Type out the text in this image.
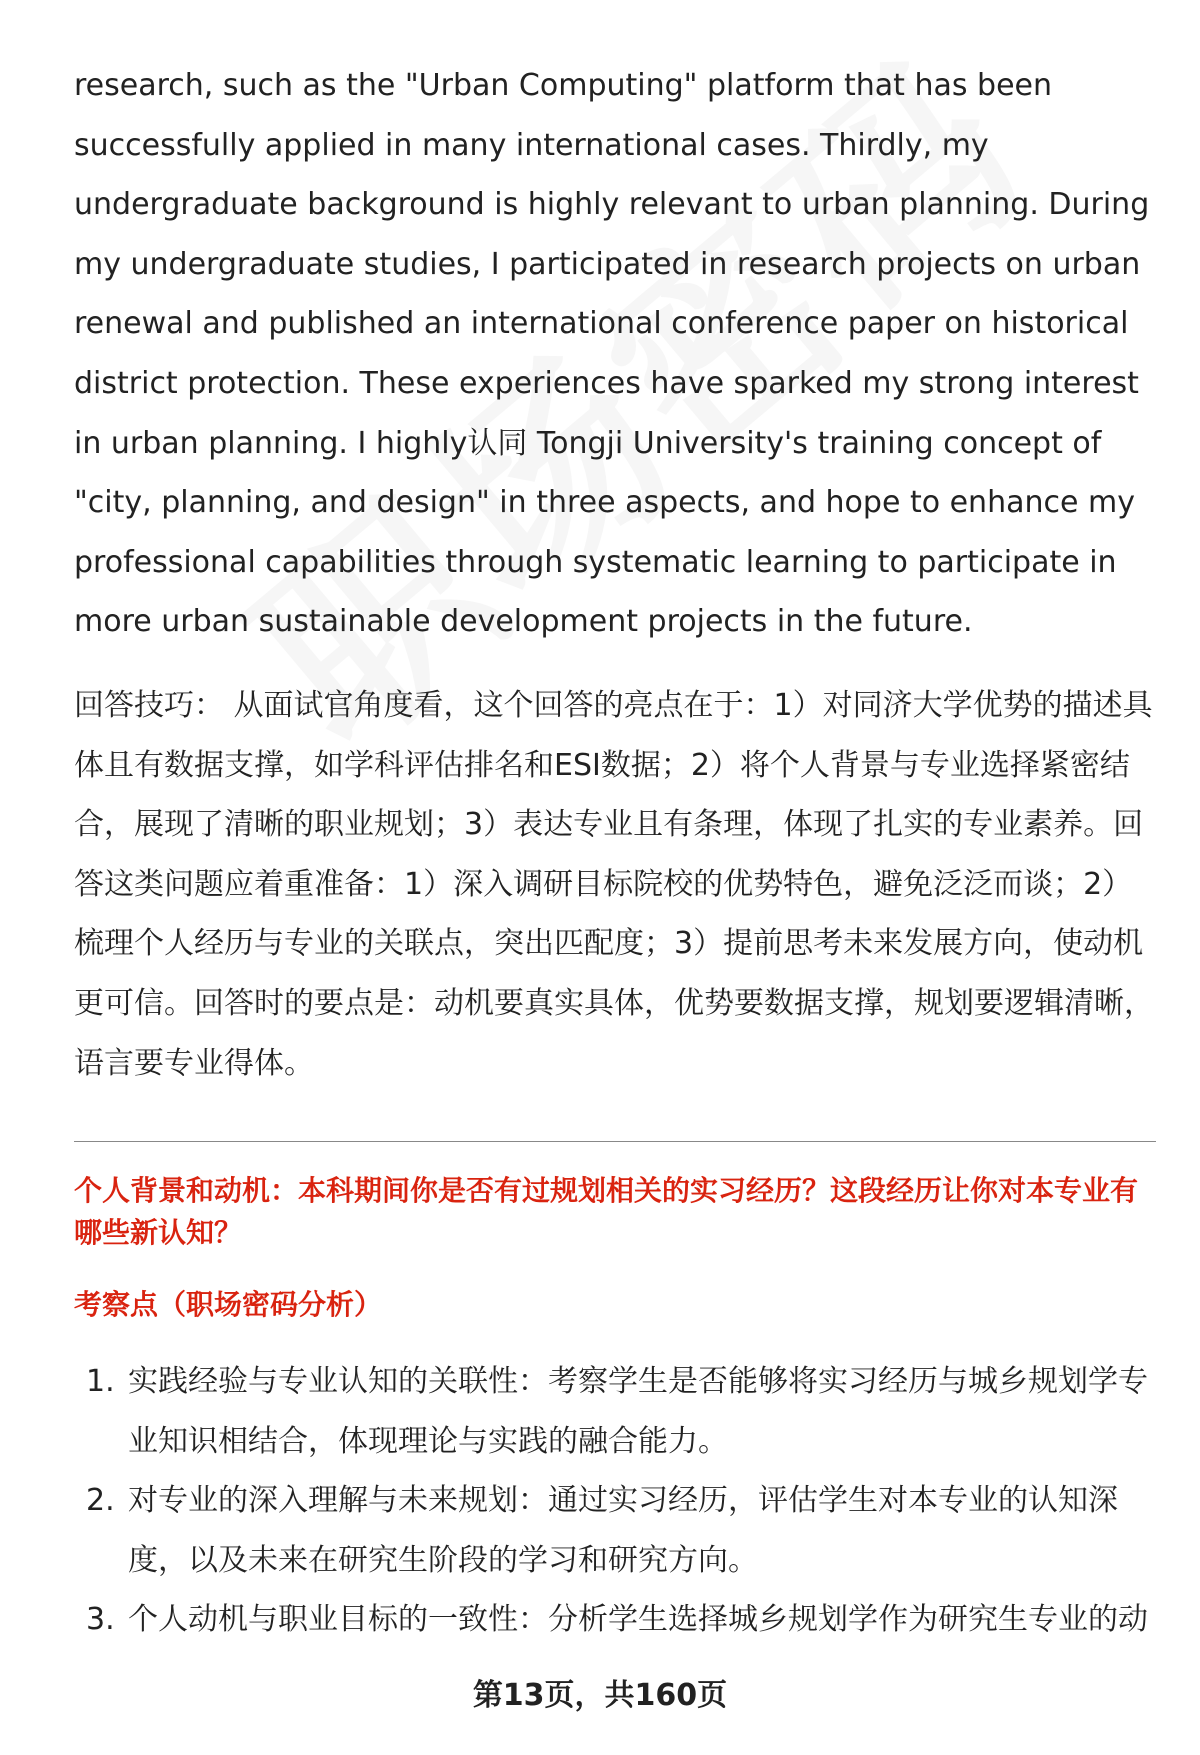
research, such as the "Urban Computing" platform that has been successfully applied in many international cases. Thirdly, my undergraduate background is highly relevant to urban planning. During my undergraduate studies, I participated in research projects on urban renewal and published an international conference paper on historical district protection. These experiences have sparked my strong interest in urban planning. I highly认同 Tongji University's training concept of "city, planning, and design" in three aspects, and hope to enhance my professional capabilities through systematic learning to participate in more urban sustainable development projects in the future.

回答技巧： 从面试官角度看，这个回答的亮点在于：1）对同济大学优势的描述具体且有数据支撑，如学科评估排名和ESI数据；2）将个人背景与专业选择紧密结合，展现了清晰的职业规划；3）表达专业且有条理，体现了扎实的专业素养。回答这类问题应着重准备：1）深入调研目标院校的优势特色，避免泛泛而谈；2）梳理个人经历与专业的关联点，突出匹配度；3）提前思考未来发展方向，使动机更可信。回答时的要点是：动机要真实具体，优势要数据支撑，规划要逻辑清晰，语言要专业得体。

个人背景和动机：本科期间你是否有过规划相关的实习经历？这段经历让你对本专业有哪些新认知？
考察点（职场密码分析）
1. 实践经验与专业认知的关联性：考察学生是否能够将实习经历与城乡规划学专业知识相结合，体现理论与实践的融合能力。
2. 对专业的深入理解与未来规划：通过实习经历，评估学生对本专业的认知深度，以及未来在研究生阶段的学习和研究方向。
3. 个人动机与职业目标的一致性：分析学生选择城乡规划学作为研究生专业的动
第13页，共160页
